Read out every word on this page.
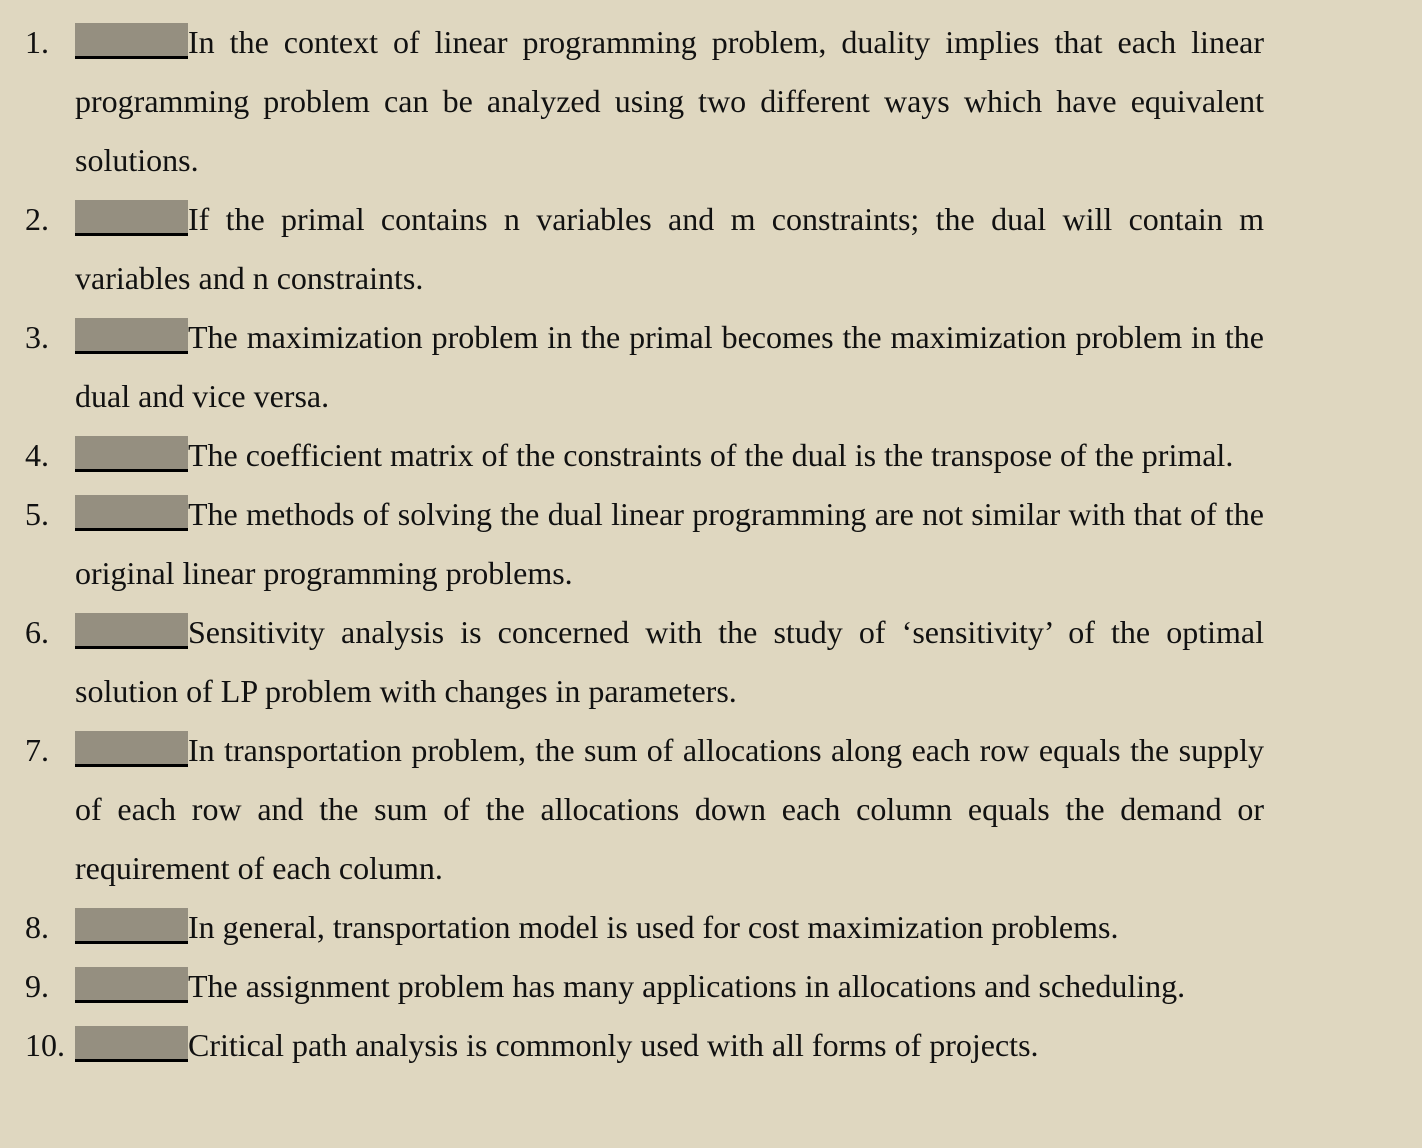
1.	In the context of linear programming problem, duality implies that each linear programming problem can be analyzed using two different ways which have equivalent solutions.
2.	If the primal contains n variables and m constraints; the dual will contain m variables and n constraints.
3.	The maximization problem in the primal becomes the maximization problem in the dual and vice versa.
4.	The coefficient matrix of the constraints of the dual is the transpose of the primal.
5.	The methods of solving the dual linear programming are not similar with that of the original linear programming problems.
6.	Sensitivity analysis is concerned with the study of ‘sensitivity’ of the optimal solution of LP problem with changes in parameters.
7.	In transportation problem, the sum of allocations along each row equals the supply of each row and the sum of the allocations down each column equals the demand or requirement of each column.
8.	In general, transportation model is used for cost maximization problems.
9.	The assignment problem has many applications in allocations and scheduling.
10.	Critical path analysis is commonly used with all forms of projects.
